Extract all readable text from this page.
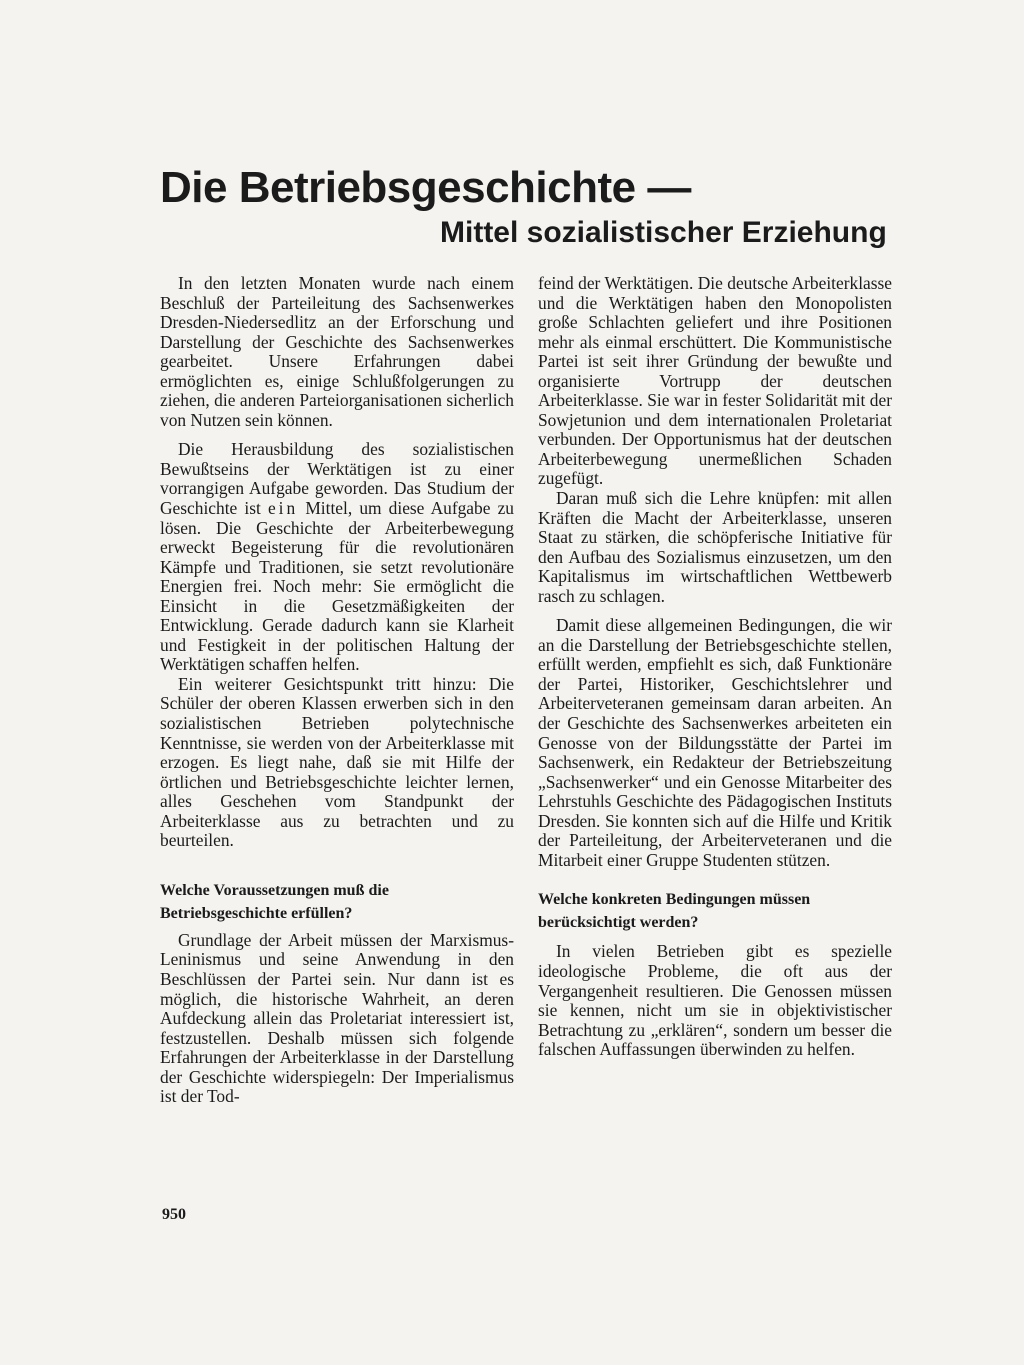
Die Betriebsgeschichte —
Mittel sozialistischer Erziehung

In den letzten Monaten wurde nach einem Beschluß der Parteileitung des Sachsenwerkes Dresden-Niedersedlitz an der Erforschung und Darstellung der Geschichte des Sachsenwerkes gearbeitet. Unsere Erfahrungen dabei ermöglichten es, einige Schlußfolgerungen zu ziehen, die anderen Parteiorganisationen sicherlich von Nutzen sein können.

Die Herausbildung des sozialistischen Bewußtseins der Werktätigen ist zu einer vorrangigen Aufgabe geworden. Das Studium der Geschichte ist ein Mittel, um diese Aufgabe zu lösen. Die Geschichte der Arbeiterbewegung erweckt Begeisterung für die revolutionären Kämpfe und Traditionen, sie setzt revolutionäre Energien frei. Noch mehr: Sie ermöglicht die Einsicht in die Gesetzmäßigkeiten der Entwicklung. Gerade dadurch kann sie Klarheit und Festigkeit in der politischen Haltung der Werktätigen schaffen helfen.

Ein weiterer Gesichtspunkt tritt hinzu: Die Schüler der oberen Klassen erwerben sich in den sozialistischen Betrieben polytechnische Kenntnisse, sie werden von der Arbeiterklasse mit erzogen. Es liegt nahe, daß sie mit Hilfe der örtlichen und Betriebsgeschichte leichter lernen, alles Geschehen vom Standpunkt der Arbeiterklasse aus zu betrachten und zu beurteilen.

Welche Voraussetzungen muß die Betriebsgeschichte erfüllen?

Grundlage der Arbeit müssen der Marxismus-Leninismus und seine Anwendung in den Beschlüssen der Partei sein. Nur dann ist es möglich, die historische Wahrheit, an deren Aufdeckung allein das Proletariat interessiert ist, festzustellen. Deshalb müssen sich folgende Erfahrungen der Arbeiterklasse in der Darstellung der Geschichte widerspiegeln: Der Imperialismus ist der Tod-

feind der Werktätigen. Die deutsche Arbeiterklasse und die Werktätigen haben den Monopolisten große Schlachten geliefert und ihre Positionen mehr als einmal erschüttert. Die Kommunistische Partei ist seit ihrer Gründung der bewußte und organisierte Vortrupp der deutschen Arbeiterklasse. Sie war in fester Solidarität mit der Sowjetunion und dem internationalen Proletariat verbunden. Der Opportunismus hat der deutschen Arbeiterbewegung unermeßlichen Schaden zugefügt.

Daran muß sich die Lehre knüpfen: mit allen Kräften die Macht der Arbeiterklasse, unseren Staat zu stärken, die schöpferische Initiative für den Aufbau des Sozialismus einzusetzen, um den Kapitalismus im wirtschaftlichen Wettbewerb rasch zu schlagen.

Damit diese allgemeinen Bedingungen, die wir an die Darstellung der Betriebsgeschichte stellen, erfüllt werden, empfiehlt es sich, daß Funktionäre der Partei, Historiker, Geschichtslehrer und Arbeiterveteranen gemeinsam daran arbeiten. An der Geschichte des Sachsenwerkes arbeiteten ein Genosse von der Bildungsstätte der Partei im Sachsenwerk, ein Redakteur der Betriebszeitung „Sachsenwerker“ und ein Genosse Mitarbeiter des Lehrstuhls Geschichte des Pädagogischen Instituts Dresden. Sie konnten sich auf die Hilfe und Kritik der Parteileitung, der Arbeiterveteranen und die Mitarbeit einer Gruppe Studenten stützen.

Welche konkreten Bedingungen müssen berücksichtigt werden?

In vielen Betrieben gibt es spezielle ideologische Probleme, die oft aus der Vergangenheit resultieren. Die Genossen müssen sie kennen, nicht um sie in objektivistischer Betrachtung zu „erklären“, sondern um besser die falschen Auffassungen überwinden zu helfen.

950
